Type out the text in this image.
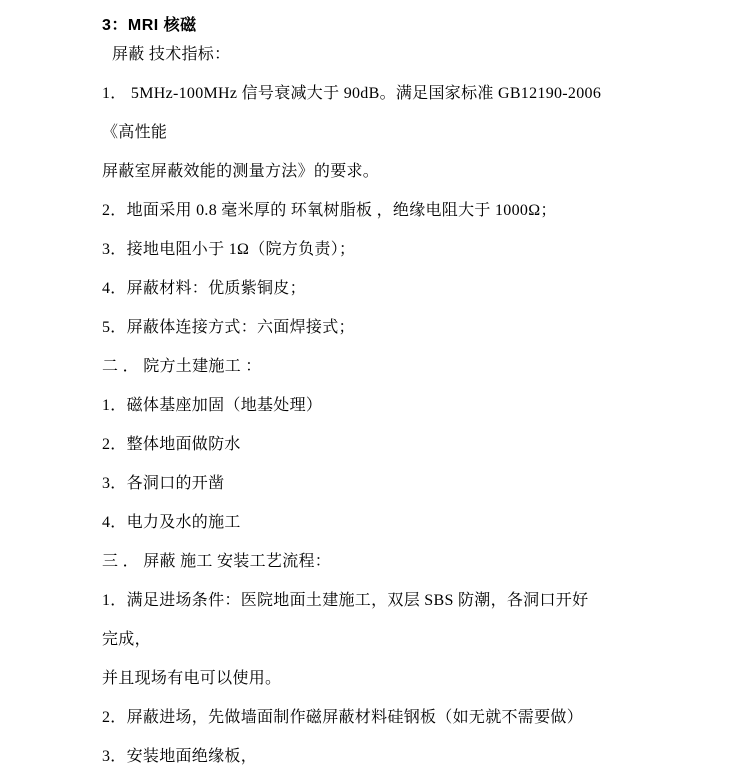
3：MRI 核磁

屏蔽 技术指标：

1． 5MHz-100MHz 信号衰减大于 90dB。满足国家标准 GB12190-2006

《高性能

屏蔽室屏蔽效能的测量方法》的要求。

2．地面采用 0.8 毫米厚的 环氧树脂板 ，绝缘电阻大于 1000Ω；

3．接地电阻小于 1Ω（院方负责）；

4．屏蔽材料：优质紫铜皮；

5．屏蔽体连接方式：六面焊接式；

二 ． 院方土建施工 ：

1．磁体基座加固（地基处理）

2．整体地面做防水

3．各洞口的开凿

4．电力及水的施工

三 ． 屏蔽 施工 安装工艺流程：

1．满足进场条件：医院地面土建施工，双层 SBS 防潮，各洞口开好

完成，

并且现场有电可以使用。

2．屏蔽进场，先做墙面制作磁屏蔽材料硅钢板（如无就不需要做）

3．安装地面绝缘板，
